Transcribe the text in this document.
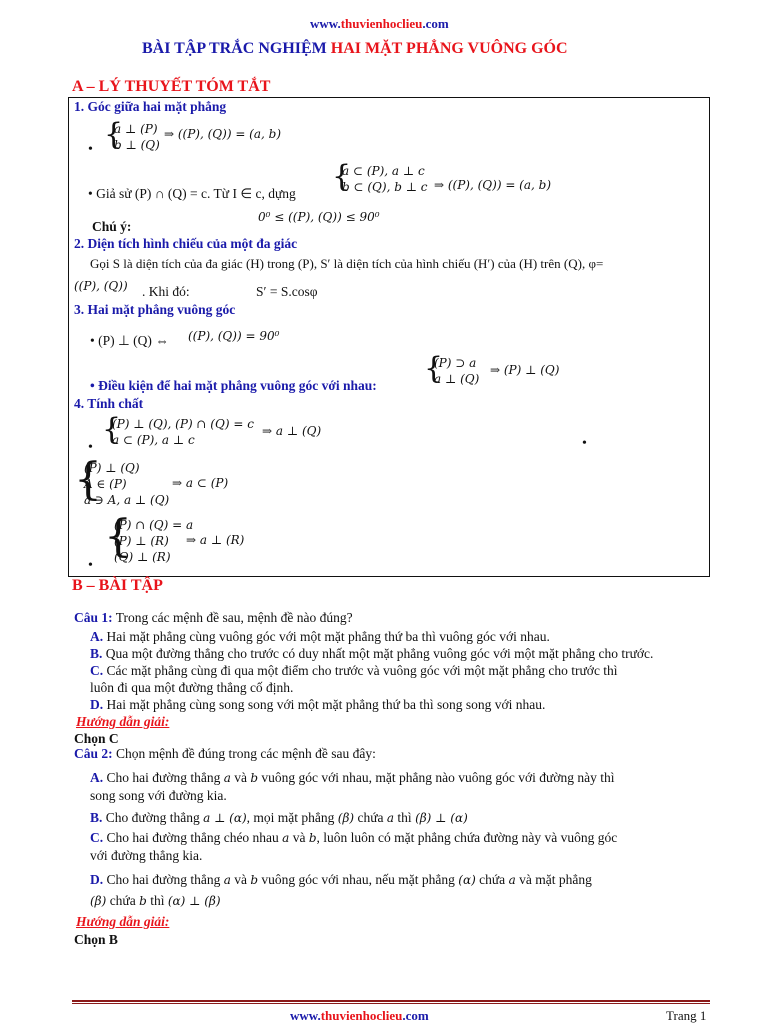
www.thuvienhoclieu.com
BÀI TẬP TRẮC NGHIỆM HAI MẶT PHẲNG VUÔNG GÓC
A – LÝ THUYẾT TÓM TẮT
1. Góc giữa hai mặt phẳng
•
{ a ⊥ (P)
b ⊥ (Q)
⇒ ((P), (Q)) = (a, b)
{ a ⊂ (P), a ⊥ c
b ⊂ (Q), b ⊥ c
• Giả sử (P) ∩ (Q) = c. Từ I ∈ c, dựng
⇒ ((P), (Q)) = (a, b)
0⁰ ≤ ((P), (Q)) ≤ 90⁰
Chú ý:
2. Diện tích hình chiếu của một đa giác
Gọi S là diện tích của đa giác (H) trong (P), S′ là diện tích của hình chiếu (H′) của (H) trên (Q), φ=
((P), (Q)) . Khi đó:	S′ = S.cosφ
3. Hai mặt phẳng vuông góc
• (P) ⊥ (Q) ⇔ ((P), (Q)) = 90⁰
{ (P) ⊃ a
a ⊥ (Q)
⇒ (P) ⊥ (Q)
• Điều kiện để hai mặt phẳng vuông góc với nhau:
4. Tính chất
{ (P) ⊥ (Q), (P) ∩ (Q) = c
a ⊂ (P), a ⊥ c
⇒ a ⊥ (Q)
•
•
{ (P) ⊥ (Q)
A ∈ (P)
a ∋ A, a ⊥ (Q)
⇒ a ⊂ (P)
{ (P) ∩ (Q) = a
(P) ⊥ (R)
(Q) ⊥ (R)
⇒ a ⊥ (R)
•
B – BÀI TẬP
Câu 1: Trong các mệnh đề sau, mệnh đề nào đúng?
A. Hai mặt phẳng cùng vuông góc với một mặt phẳng thứ ba thì vuông góc với nhau.
B. Qua một đường thẳng cho trước có duy nhất một mặt phẳng vuông góc với một mặt phẳng cho trước.
C. Các mặt phẳng cùng đi qua một điểm cho trước và vuông góc với một mặt phẳng cho trước thì
luôn đi qua một đường thẳng cố định.
D. Hai mặt phẳng cùng song song với một mặt phẳng thứ ba thì song song với nhau.
Hướng dẫn giải:
Chọn C
Câu 2: Chọn mệnh đề đúng trong các mệnh đề sau đây:
A. Cho hai đường thẳng a và b vuông góc với nhau, mặt phẳng nào vuông góc với đường này thì
song song với đường kia.
B. Cho đường thẳng a ⊥ (α), mọi mặt phẳng (β) chứa a thì (β) ⊥ (α)
C. Cho hai đường thẳng chéo nhau a và b, luôn luôn có mặt phẳng chứa đường này và vuông góc
với đường thẳng kia.
D. Cho hai đường thẳng a và b vuông góc với nhau, nếu mặt phẳng (α) chứa a và mặt phẳng
(β) chứa b thì (α) ⊥ (β)
Hướng dẫn giải:
Chọn B
www.thuvienhoclieu.com	Trang 1
